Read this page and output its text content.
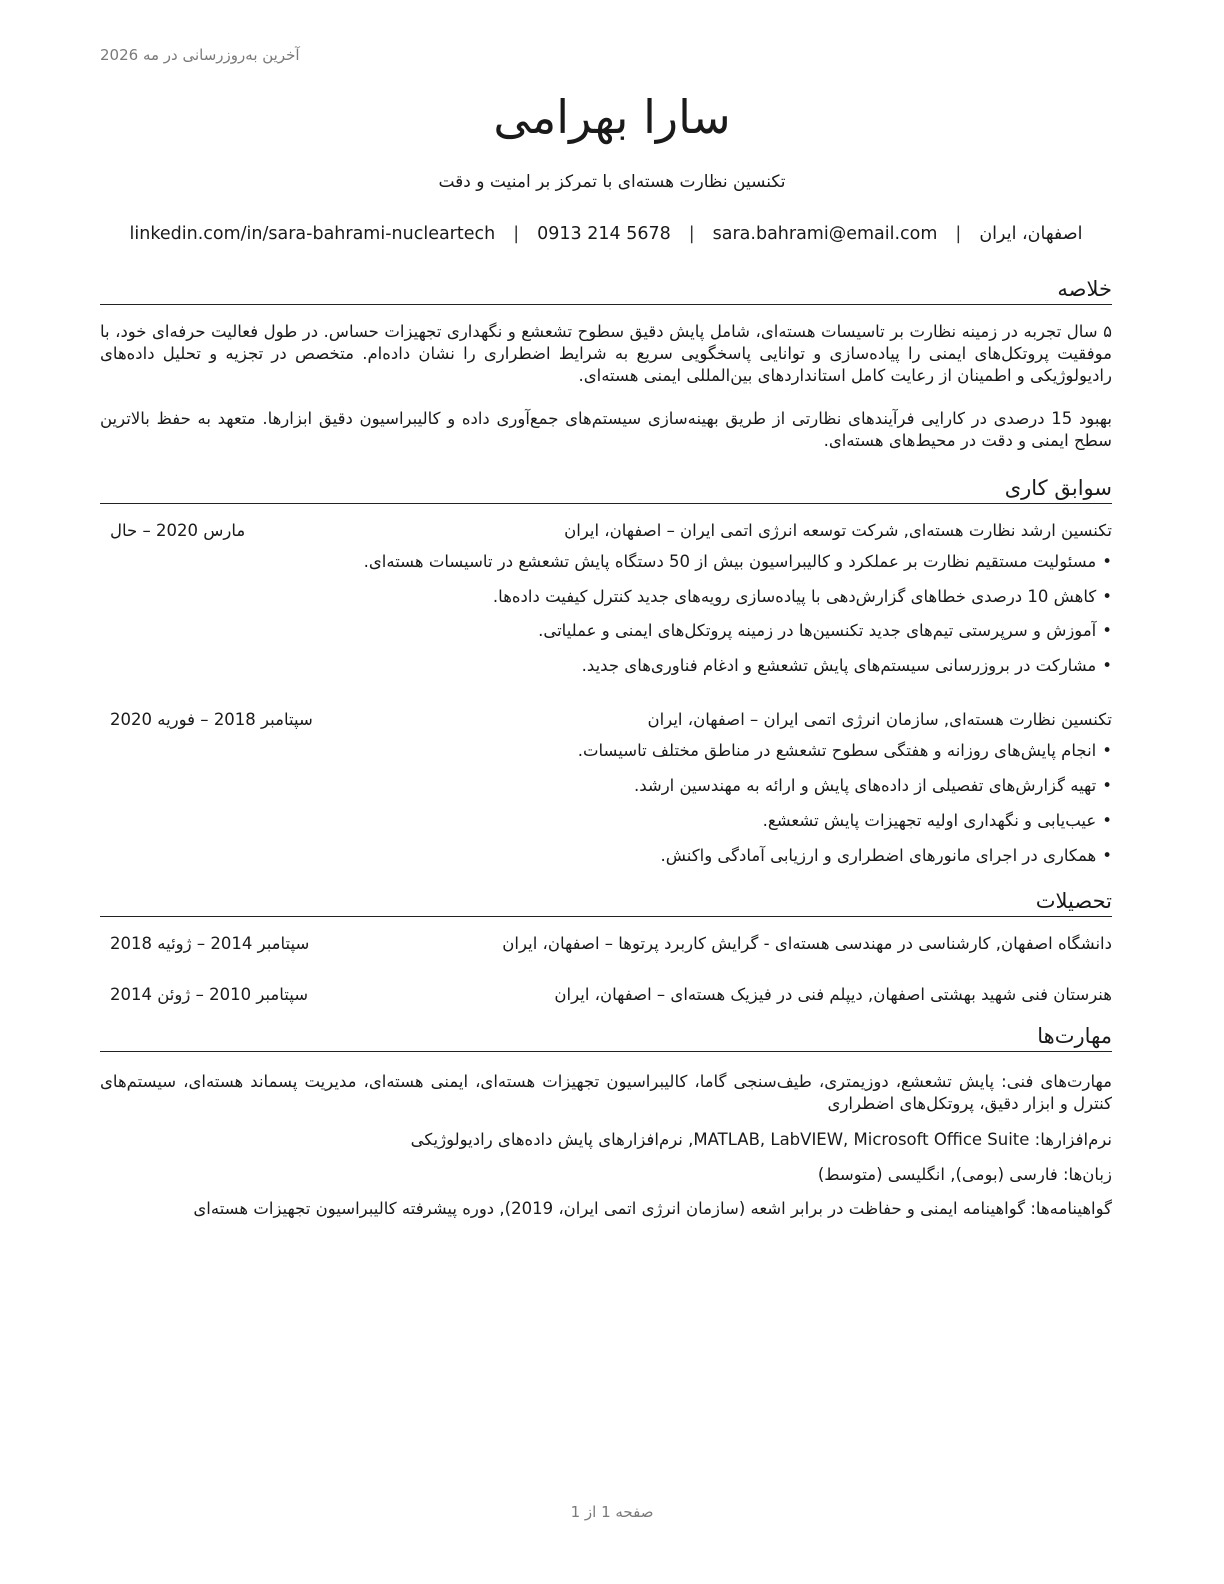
آخرین به‌روزرسانی در مه 2026
سارا بهرامی
تکنسین نظارت هسته‌ای با تمرکز بر امنیت و دقت
اصفهان، ایران
|
sara.bahrami@email.com
|
0913 214 5678
|
linkedin.com/in/sara-bahrami-nucleartech
خلاصه

۵ سال تجربه در زمینه نظارت بر تاسیسات هسته‌ای، شامل پایش دقیق سطوح تشعشع و نگهداری تجهیزات حساس. در طول فعالیت حرفه‌ای خود، با موفقیت پروتکل‌های ایمنی را پیاده‌سازی و توانایی پاسخگویی سریع به شرایط اضطراری را نشان داده‌ام. متخصص در تجزیه و تحلیل داده‌های رادیولوژیکی و اطمینان از رعایت کامل استانداردهای بین‌المللی ایمنی هسته‌ای.

بهبود 15 درصدی در کارایی فرآیندهای نظارتی از طریق بهینه‌سازی سیستم‌های جمع‌آوری داده و کالیبراسیون دقیق ابزارها. متعهد به حفظ بالاترین سطح ایمنی و دقت در محیط‌های هسته‌ای.

سوابق کاری
تکنسین ارشد نظارت هسته‌ای, شرکت توسعه انرژی اتمی ایران – اصفهان، ایران
مارس 2020 – حال
• مسئولیت مستقیم نظارت بر عملکرد و کالیبراسیون بیش از 50 دستگاه پایش تشعشع در تاسیسات هسته‌ای.
• کاهش 10 درصدی خطاهای گزارش‌دهی با پیاده‌سازی رویه‌های جدید کنترل کیفیت داده‌ها.
• آموزش و سرپرستی تیم‌های جدید تکنسین‌ها در زمینه پروتکل‌های ایمنی و عملیاتی.
• مشارکت در بروزرسانی سیستم‌های پایش تشعشع و ادغام فناوری‌های جدید.
تکنسین نظارت هسته‌ای, سازمان انرژی اتمی ایران – اصفهان، ایران
سپتامبر 2018 – فوریه 2020
• انجام پایش‌های روزانه و هفتگی سطوح تشعشع در مناطق مختلف تاسیسات.
• تهیه گزارش‌های تفصیلی از داده‌های پایش و ارائه به مهندسین ارشد.
• عیب‌یابی و نگهداری اولیه تجهیزات پایش تشعشع.
• همکاری در اجرای مانورهای اضطراری و ارزیابی آمادگی واکنش.
تحصیلات
دانشگاه اصفهان, کارشناسی در مهندسی هسته‌ای - گرایش کاربرد پرتوها – اصفهان، ایران
سپتامبر 2014 – ژوئیه 2018
هنرستان فنی شهید بهشتی اصفهان, دیپلم فنی در فیزیک هسته‌ای – اصفهان، ایران
سپتامبر 2010 – ژوئن 2014
مهارت‌ها

مهارت‌های فنی: پایش تشعشع، دوزیمتری، طیف‌سنجی گاما، کالیبراسیون تجهیزات هسته‌ای، ایمنی هسته‌ای، مدیریت پسماند هسته‌ای، سیستم‌های کنترل و ابزار دقیق، پروتکل‌های اضطراری

نرم‌افزارها: MATLAB, LabVIEW, Microsoft Office Suite, نرم‌افزارهای پایش داده‌های رادیولوژیکی
زبان‌ها: فارسی (بومی), انگلیسی (متوسط)
گواهینامه‌ها: گواهینامه ایمنی و حفاظت در برابر اشعه (سازمان انرژی اتمی ایران، 2019), دوره پیشرفته کالیبراسیون تجهیزات هسته‌ای
صفحه 1 از 1
